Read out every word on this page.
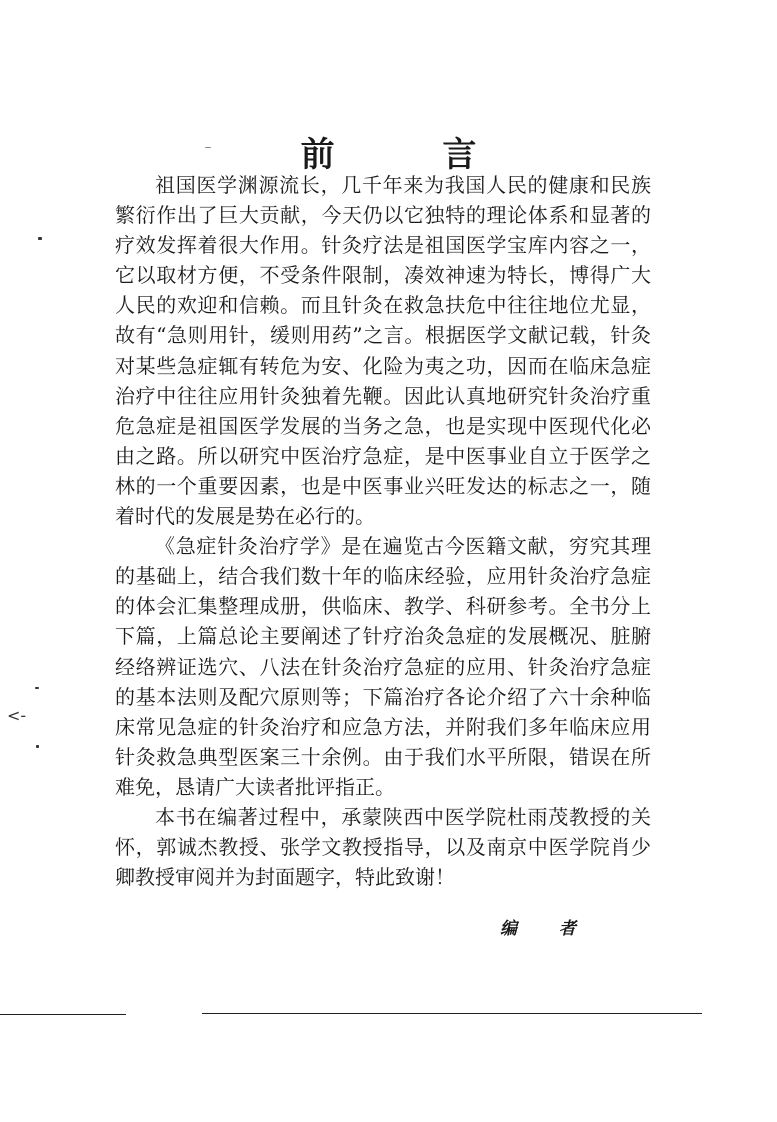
前 言

祖国医学渊源流长，几千年来为我国人民的健康和民族繁衍作出了巨大贡献，今天仍以它独特的理论体系和显著的疗效发挥着很大作用。针灸疗法是祖国医学宝库内容之一，它以取材方便，不受条件限制，凑效神速为特长，博得广大人民的欢迎和信赖。而且针灸在救急扶危中往往地位尤显，故有“急则用针，缓则用药”之言。根据医学文献记载，针灸对某些急症辄有转危为安、化险为夷之功，因而在临床急症治疗中往往应用针灸独着先鞭。因此认真地研究针灸治疗重危急症是祖国医学发展的当务之急，也是实现中医现代化必由之路。所以研究中医治疗急症，是中医事业自立于医学之林的一个重要因素，也是中医事业兴旺发达的标志之一，随着时代的发展是势在必行的。

《急症针灸治疗学》是在遍览古今医籍文献，穷究其理的基础上，结合我们数十年的临床经验，应用针灸治疗急症的体会汇集整理成册，供临床、教学、科研参考。全书分上下篇，上篇总论主要阐述了针疗治灸急症的发展概况、脏腑经络辨证选穴、八法在针灸治疗急症的应用、针灸治疗急症的基本法则及配穴原则等；下篇治疗各论介绍了六十余种临床常见急症的针灸治疗和应急方法，并附我们多年临床应用针灸救急典型医案三十余例。由于我们水平所限，错误在所难免，恳请广大读者批评指正。

本书在编著过程中，承蒙陕西中医学院杜雨茂教授的关怀，郭诚杰教授、张学文教授指导，以及南京中医学院肖少卿教授审阅并为封面题字，特此致谢！

编 者
<-
